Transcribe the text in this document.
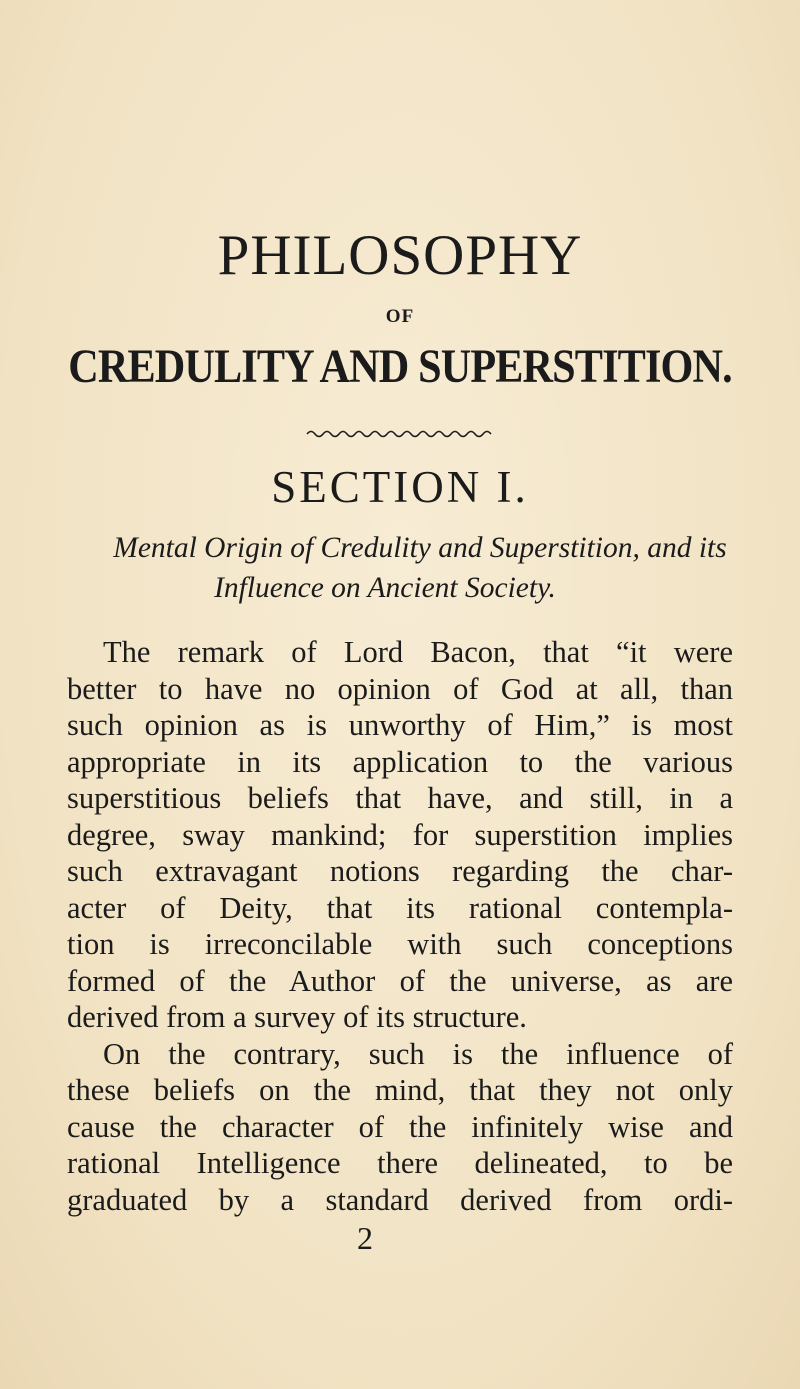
PHILOSOPHY
OF
CREDULITY AND SUPERSTITION.
SECTION I.
Mental Origin of Credulity and Superstition, and its
Influence on Ancient Society.
The remark of Lord Bacon, that “it were
better to have no opinion of God at all, than
such opinion as is unworthy of Him,” is most
appropriate in its application to the various
superstitious beliefs that have, and still, in a
degree, sway mankind; for superstition implies
such extravagant notions regarding the char-
acter of Deity, that its rational contempla-
tion is irreconcilable with such conceptions
formed of the Author of the universe, as are
derived from a survey of its structure.
On the contrary, such is the influence of
these beliefs on the mind, that they not only
cause the character of the infinitely wise and
rational Intelligence there delineated, to be
graduated by a standard derived from ordi-
2
